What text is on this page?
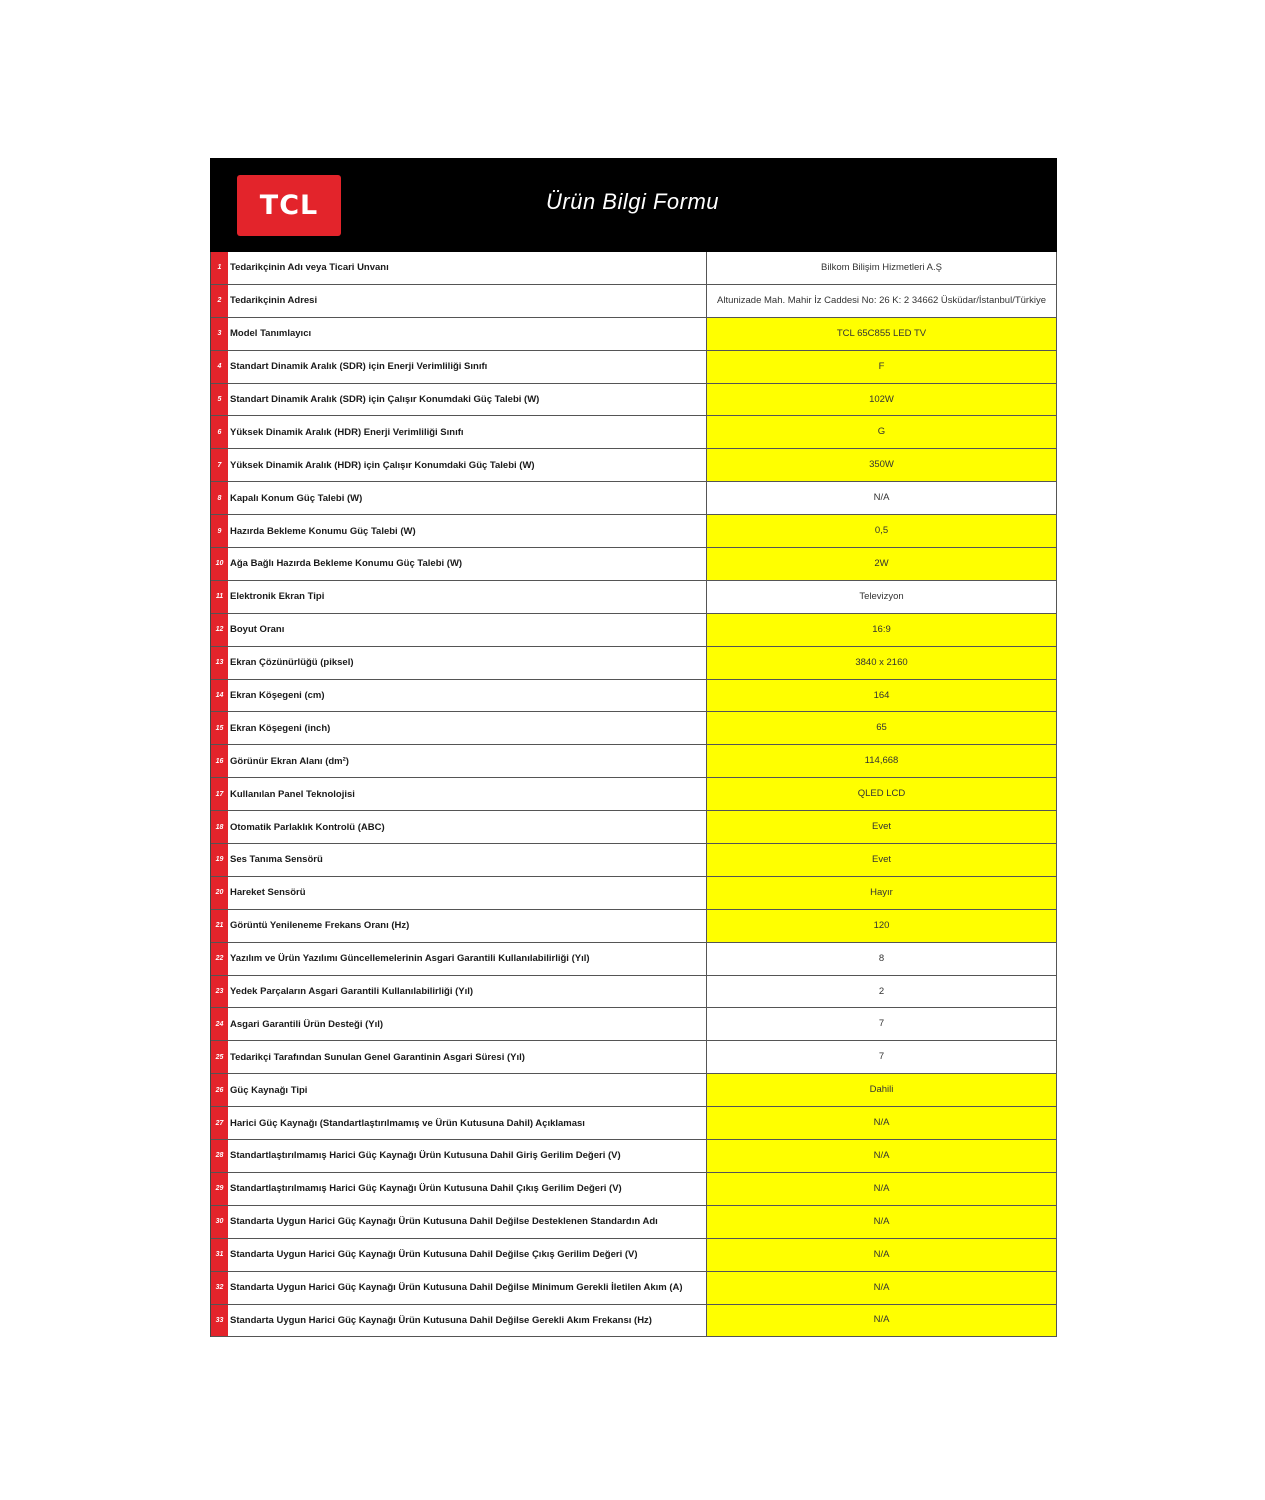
TCL	Ürün Bilgi Formu
1 Tedarikçinin Adı veya Ticari Unvanı	Bilkom Bilişim Hizmetleri A.Ş
2 Tedarikçinin Adresi	Altunizade Mah. Mahir İz Caddesi No: 26 K: 2 34662 Üsküdar/İstanbul/Türkiye
3 Model Tanımlayıcı	TCL 65C855 LED TV
4 Standart Dinamik Aralık (SDR) için Enerji Verimliliği Sınıfı	F
5 Standart Dinamik Aralık (SDR) için Çalışır Konumdaki Güç Talebi (W)	102W
6 Yüksek Dinamik Aralık (HDR) Enerji Verimliliği Sınıfı	G
7 Yüksek Dinamik Aralık (HDR) için Çalışır Konumdaki Güç Talebi (W)	350W
8 Kapalı Konum Güç Talebi (W)	N/A
9 Hazırda Bekleme Konumu Güç Talebi (W)	0,5
10 Ağa Bağlı Hazırda Bekleme Konumu Güç Talebi (W)	2W
11 Elektronik Ekran Tipi	Televizyon
12 Boyut Oranı	16:9
13 Ekran Çözünürlüğü (piksel)	3840 x 2160
14 Ekran Köşegeni (cm)	164
15 Ekran Köşegeni (inch)	65
16 Görünür Ekran Alanı (dm²)	114,668
17 Kullanılan Panel Teknolojisi	QLED LCD
18 Otomatik Parlaklık Kontrolü (ABC)	Evet
19 Ses Tanıma Sensörü	Evet
20 Hareket Sensörü	Hayır
21 Görüntü Yenileneme Frekans Oranı (Hz)	120
22 Yazılım ve Ürün Yazılımı Güncellemelerinin Asgari Garantili Kullanılabilirliği (Yıl)	8
23 Yedek Parçaların Asgari Garantili Kullanılabilirliği (Yıl)	2
24 Asgari Garantili Ürün Desteği (Yıl)	7
25 Tedarikçi Tarafından Sunulan Genel Garantinin Asgari Süresi (Yıl)	7
26 Güç Kaynağı Tipi	Dahili
27 Harici Güç Kaynağı (Standartlaştırılmamış ve Ürün Kutusuna Dahil) Açıklaması	N/A
28 Standartlaştırılmamış Harici Güç Kaynağı Ürün Kutusuna Dahil Giriş Gerilim Değeri (V)	N/A
29 Standartlaştırılmamış Harici Güç Kaynağı Ürün Kutusuna Dahil Çıkış Gerilim Değeri (V)	N/A
30 Standarta Uygun Harici Güç Kaynağı Ürün Kutusuna Dahil Değilse Desteklenen Standardın Adı	N/A
31 Standarta Uygun Harici Güç Kaynağı Ürün Kutusuna Dahil Değilse Çıkış Gerilim Değeri (V)	N/A
32 Standarta Uygun Harici Güç Kaynağı Ürün Kutusuna Dahil Değilse Minimum Gerekli İletilen Akım (A)	N/A
33 Standarta Uygun Harici Güç Kaynağı Ürün Kutusuna Dahil Değilse Gerekli Akım Frekansı (Hz)	N/A
